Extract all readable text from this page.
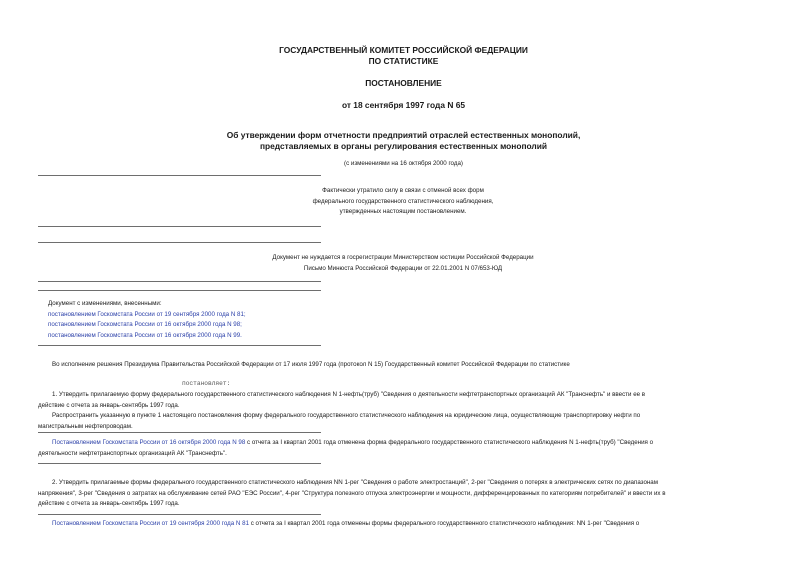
ГОСУДАРСТВЕННЫЙ КОМИТЕТ РОССИЙСКОЙ ФЕДЕРАЦИИ
ПО СТАТИСТИКЕ
ПОСТАНОВЛЕНИЕ
от 18 сентября 1997 года N 65
Об утверждении форм отчетности предприятий отраслей естественных монополий,
представляемых в органы регулирования естественных монополий
(с изменениями на 16 октября 2000 года)
Фактически утратило силу в связи с отменой всех форм
федерального государственного статистического наблюдения,
утвержденных настоящим постановлением.
Документ не нуждается в госрегистрации Министерством юстиции Российской Федерации
Письмо Минюста Российской Федерации от 22.01.2001 N 07/653-ЮД
Документ с изменениями, внесенными:
постановлением Госкомстата России от 19 сентября 2000 года N 81;
постановлением Госкомстата России от 16 октября 2000 года N 98;
постановлением Госкомстата России от 16 октября 2000 года N 99.
Во исполнение решения Президиума Правительства Российской Федерации от 17 июля 1997 года (протокол N 15) Государственный комитет Российской Федерации по статистике
постановляет:
1. Утвердить прилагаемую форму федерального государственного статистического наблюдения N 1-нефть(труб) "Сведения о деятельности нефтетранспортных организаций АК "Транснефть" и ввести ее в
действие с отчета за январь-сентябрь 1997 года.
Распространить указанную в пункте 1 настоящего постановления форму федерального государственного статистического наблюдения на юридические лица, осуществляющие транспортировку нефти по
магистральным нефтепроводам.
Постановлением Госкомстата России от 16 октября 2000 года N 98 с отчета за I квартал 2001 года отменена форма федерального государственного статистического наблюдения N 1-нефть(труб) "Сведения о
деятельности нефтетранспортных организаций АК "Транснефть".
2. Утвердить прилагаемые формы федерального государственного статистического наблюдения NN 1-рег "Сведения о работе электростанций", 2-рег "Сведения о потерях в электрических сетях по диапазонам
напряжения", 3-рег "Сведения о затратах на обслуживание сетей РАО "ЕЭС России", 4-рег "Структура полезного отпуска электроэнергии и мощности, дифференцированных по категориям потребителей" и ввести их в
действие с отчета за январь-сентябрь 1997 года.
Постановлением Госкомстата России от 19 сентября 2000 года N 81 с отчета за I квартал 2001 года отменены формы федерального государственного статистического наблюдения: NN 1-рег "Сведения о
